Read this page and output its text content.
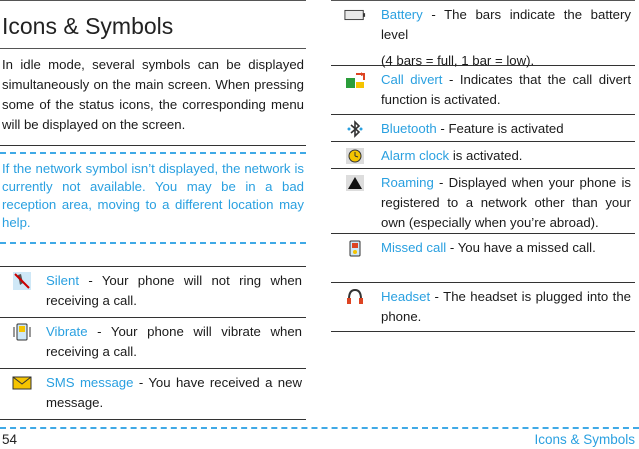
Icons & Symbols

In idle mode, several symbols can be displayed simultaneously on the main screen. When pressing some of the status icons, the corresponding menu will be displayed on the screen.

If the network symbol isn’t displayed, the network is currently not available. You may be in a bad reception area, moving to a different location may help.

Silent - Your phone will not ring when receiving a call.
Vibrate - Your phone will vibrate when receiving a call.
SMS message - You have received a new message.
Battery - The bars indicate the battery level
(4 bars = full, 1 bar = low).
Call divert - Indicates that the call divert function is activated.
Bluetooth - Feature is activated
Alarm clock is activated.
Roaming - Displayed when your phone is registered to a network other than your own (especially when you’re abroad).
Missed call - You have a missed call.
Headset - The headset is plugged into the phone.
54	Icons & Symbols
